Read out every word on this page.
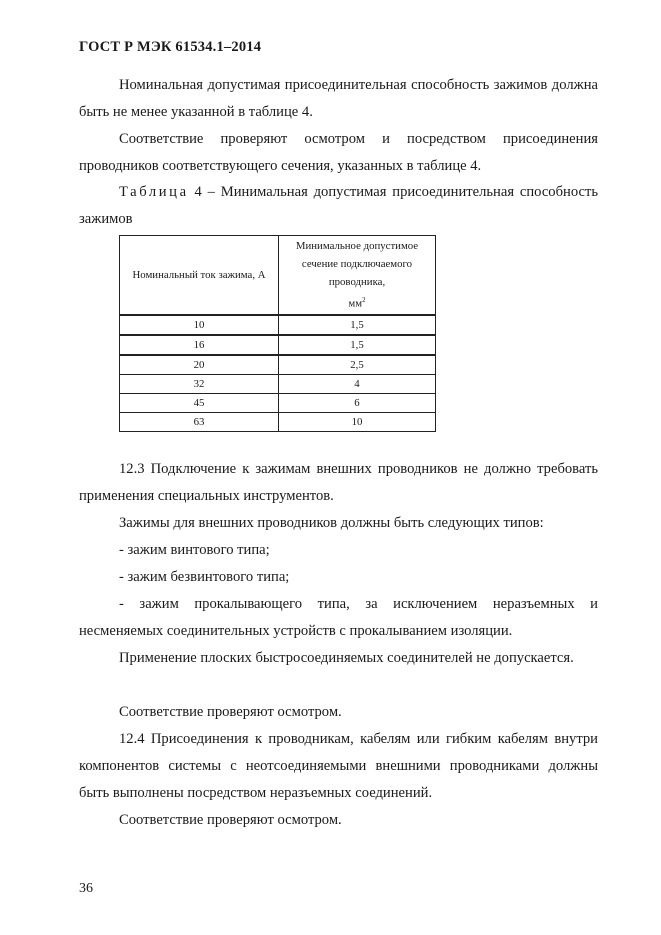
ГОСТ Р МЭК 61534.1–2014
Номинальная допустимая присоединительная способность зажимов должна быть не менее указанной в таблице 4.
Соответствие проверяют осмотром и посредством присоединения проводников соответствующего сечения, указанных в таблице 4.
Таблица 4 – Минимальная допустимая присоединительная способность зажимов
Номинальный ток зажима, А	Минимальное допустимое сечение подключаемого проводника,
$мм^2$

10	1,5
16	1,5
20	2,5
32	4
45	6
63	10
12.3 Подключение к зажимам внешних проводников не должно требовать применения специальных инструментов.
Зажимы для внешних проводников должны быть следующих типов:
- зажим винтового типа;
- зажим безвинтового типа;
- зажим прокалывающего типа, за исключением неразъемных и несменяемых соединительных устройств с прокалыванием изоляции.
Применение плоских быстросоединяемых соединителей не допускается.
Соответствие проверяют осмотром.
12.4 Присоединения к проводникам, кабелям или гибким кабелям внутри компонентов системы с неотсоединяемыми внешними проводниками должны быть выполнены посредством неразъемных соединений.
Соответствие проверяют осмотром.
36
